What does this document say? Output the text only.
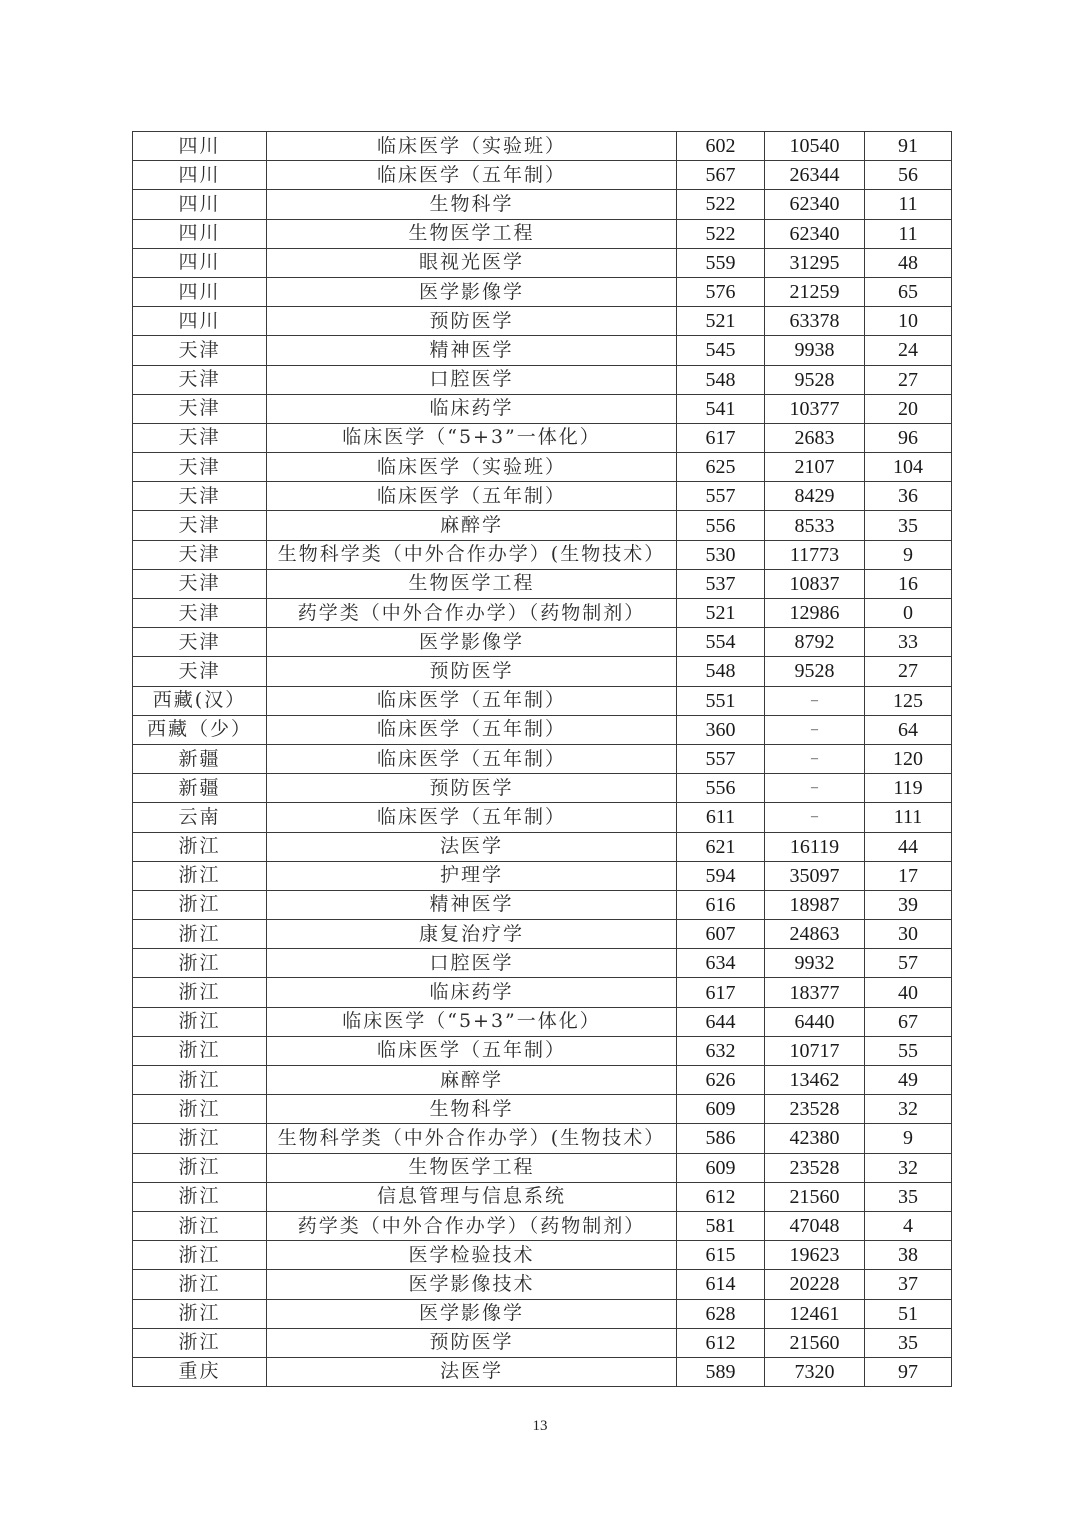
四川	临床医学（实验班）	602	10540	91
四川	临床医学（五年制）	567	26344	56
四川	生物科学	522	62340	11
四川	生物医学工程	522	62340	11
四川	眼视光医学	559	31295	48
四川	医学影像学	576	21259	65
四川	预防医学	521	63378	10
天津	精神医学	545	9938	24
天津	口腔医学	548	9528	27
天津	临床药学	541	10377	20
天津	临床医学（“5+3”一体化）	617	2683	96
天津	临床医学（实验班）	625	2107	104
天津	临床医学（五年制）	557	8429	36
天津	麻醉学	556	8533	35
天津	生物科学类（中外合作办学）(生物技术）	530	11773	9
天津	生物医学工程	537	10837	16
天津	药学类（中外合作办学）（药物制剂）	521	12986	0
天津	医学影像学	554	8792	33
天津	预防医学	548	9528	27
西藏(汉）	临床医学（五年制）	551	–	125
西藏（少）	临床医学（五年制）	360	–	64
新疆	临床医学（五年制）	557	–	120
新疆	预防医学	556	–	119
云南	临床医学（五年制）	611	–	111
浙江	法医学	621	16119	44
浙江	护理学	594	35097	17
浙江	精神医学	616	18987	39
浙江	康复治疗学	607	24863	30
浙江	口腔医学	634	9932	57
浙江	临床药学	617	18377	40
浙江	临床医学（“5+3”一体化）	644	6440	67
浙江	临床医学（五年制）	632	10717	55
浙江	麻醉学	626	13462	49
浙江	生物科学	609	23528	32
浙江	生物科学类（中外合作办学）(生物技术）	586	42380	9
浙江	生物医学工程	609	23528	32
浙江	信息管理与信息系统	612	21560	35
浙江	药学类（中外合作办学）（药物制剂）	581	47048	4
浙江	医学检验技术	615	19623	38
浙江	医学影像技术	614	20228	37
浙江	医学影像学	628	12461	51
浙江	预防医学	612	21560	35
重庆	法医学	589	7320	97
13
